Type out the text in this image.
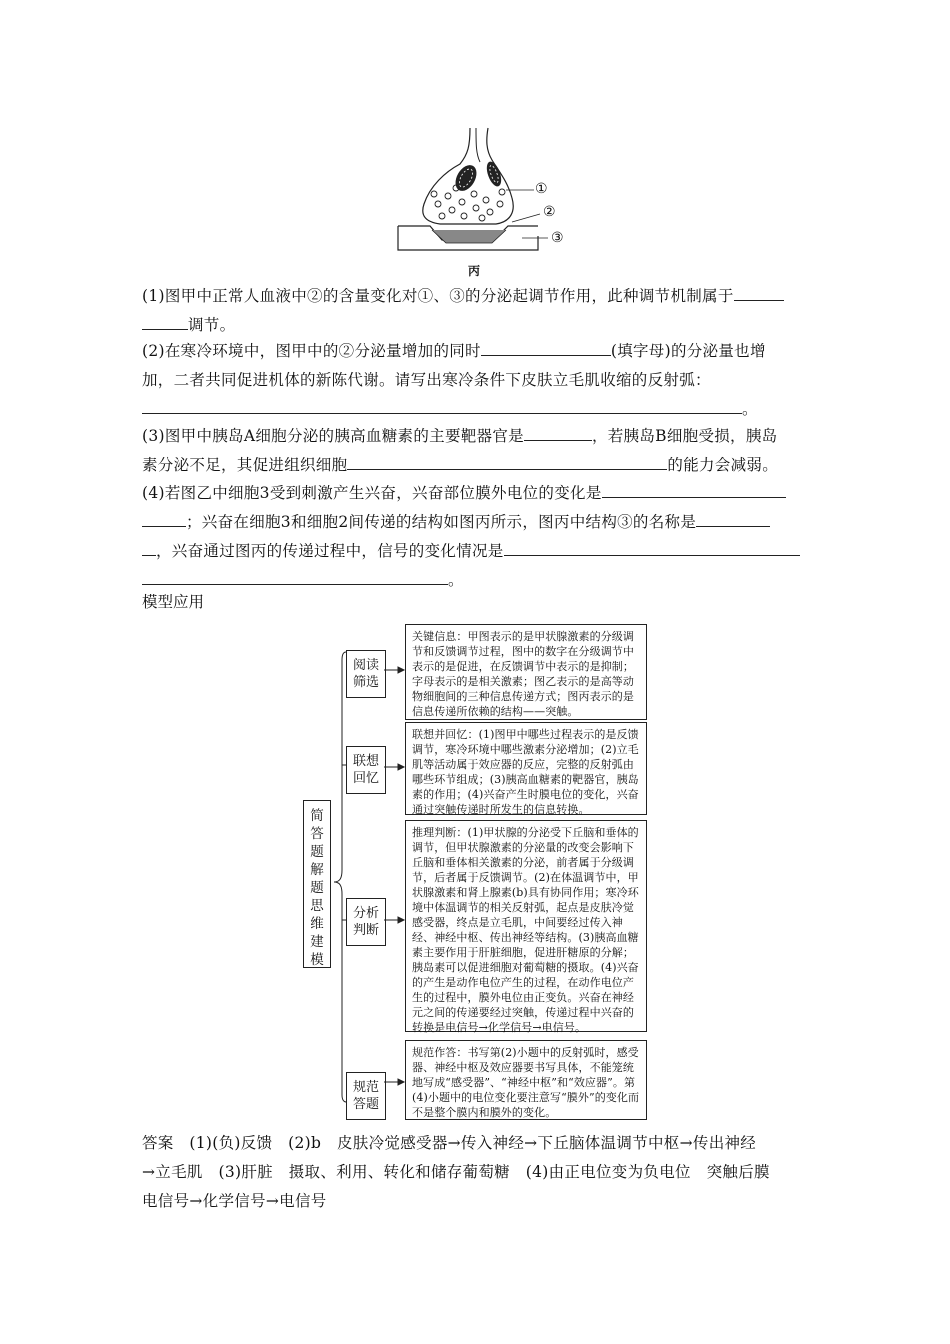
①
②
③
丙
(1)图甲中正常人血液中②的含量变化对①、③的分泌起调节作用，此种调节机制属于
调节。
(2)在寒冷环境中，图甲中的②分泌量增加的同时	(填字母)的分泌量也增
加，二者共同促进机体的新陈代谢。请写出寒冷条件下皮肤立毛肌收缩的反射弧：
。
(3)图甲中胰岛A细胞分泌的胰高血糖素的主要靶器官是	，若胰岛B细胞受损，胰岛
素分泌不足，其促进组织细胞	的能力会减弱。
(4)若图乙中细胞3受到刺激产生兴奋，兴奋部位膜外电位的变化是
；兴奋在细胞3和细胞2间传递的结构如图丙所示，图丙中结构③的名称是
，兴奋通过图丙的传递过程中，信号的变化情况是
。
模型应用
简答题解题思维建模
阅读
筛选
关键信息：甲图表示的是甲状腺激素的分级调节和反馈调节过程，图中的数字在分级调节中表示的是促进，在反馈调节中表示的是抑制；字母表示的是相关激素；图乙表示的是高等动物细胞间的三种信息传递方式；图丙表示的是信息传递所依赖的结构——突触。
联想
回忆
联想并回忆：(1)图甲中哪些过程表示的是反馈调节，寒冷环境中哪些激素分泌增加；(2)立毛肌等活动属于效应器的反应，完整的反射弧由哪些环节组成；(3)胰高血糖素的靶器官，胰岛素的作用；(4)兴奋产生时膜电位的变化，兴奋通过突触传递时所发生的信息转换。
分析
判断
推理判断：(1)甲状腺的分泌受下丘脑和垂体的调节，但甲状腺激素的分泌量的改变会影响下丘脑和垂体相关激素的分泌，前者属于分级调节，后者属于反馈调节。(2)在体温调节中，甲状腺激素和肾上腺素(b)具有协同作用；寒冷环境中体温调节的相关反射弧，起点是皮肤冷觉感受器，终点是立毛肌，中间要经过传入神经、神经中枢、传出神经等结构。(3)胰高血糖素主要作用于肝脏细胞，促进肝糖原的分解；胰岛素可以促进细胞对葡萄糖的摄取。(4)兴奋的产生是动作电位产生的过程，在动作电位产生的过程中，膜外电位由正变负。兴奋在神经元之间的传递要经过突触，传递过程中兴奋的转换是电信号→化学信号→电信号。
规范
答题
规范作答：书写第(2)小题中的反射弧时，感受器、神经中枢及效应器要书写具体，不能笼统地写成“感受器”、“神经中枢”和“效应器”。第(4)小题中的电位变化要注意写“膜外”的变化而不是整个膜内和膜外的变化。
答案　(1)(负)反馈　(2)b　皮肤冷觉感受器→传入神经→下丘脑体温调节中枢→传出神经
→立毛肌　(3)肝脏　摄取、利用、转化和储存葡萄糖　(4)由正电位变为负电位　突触后膜
电信号→化学信号→电信号
